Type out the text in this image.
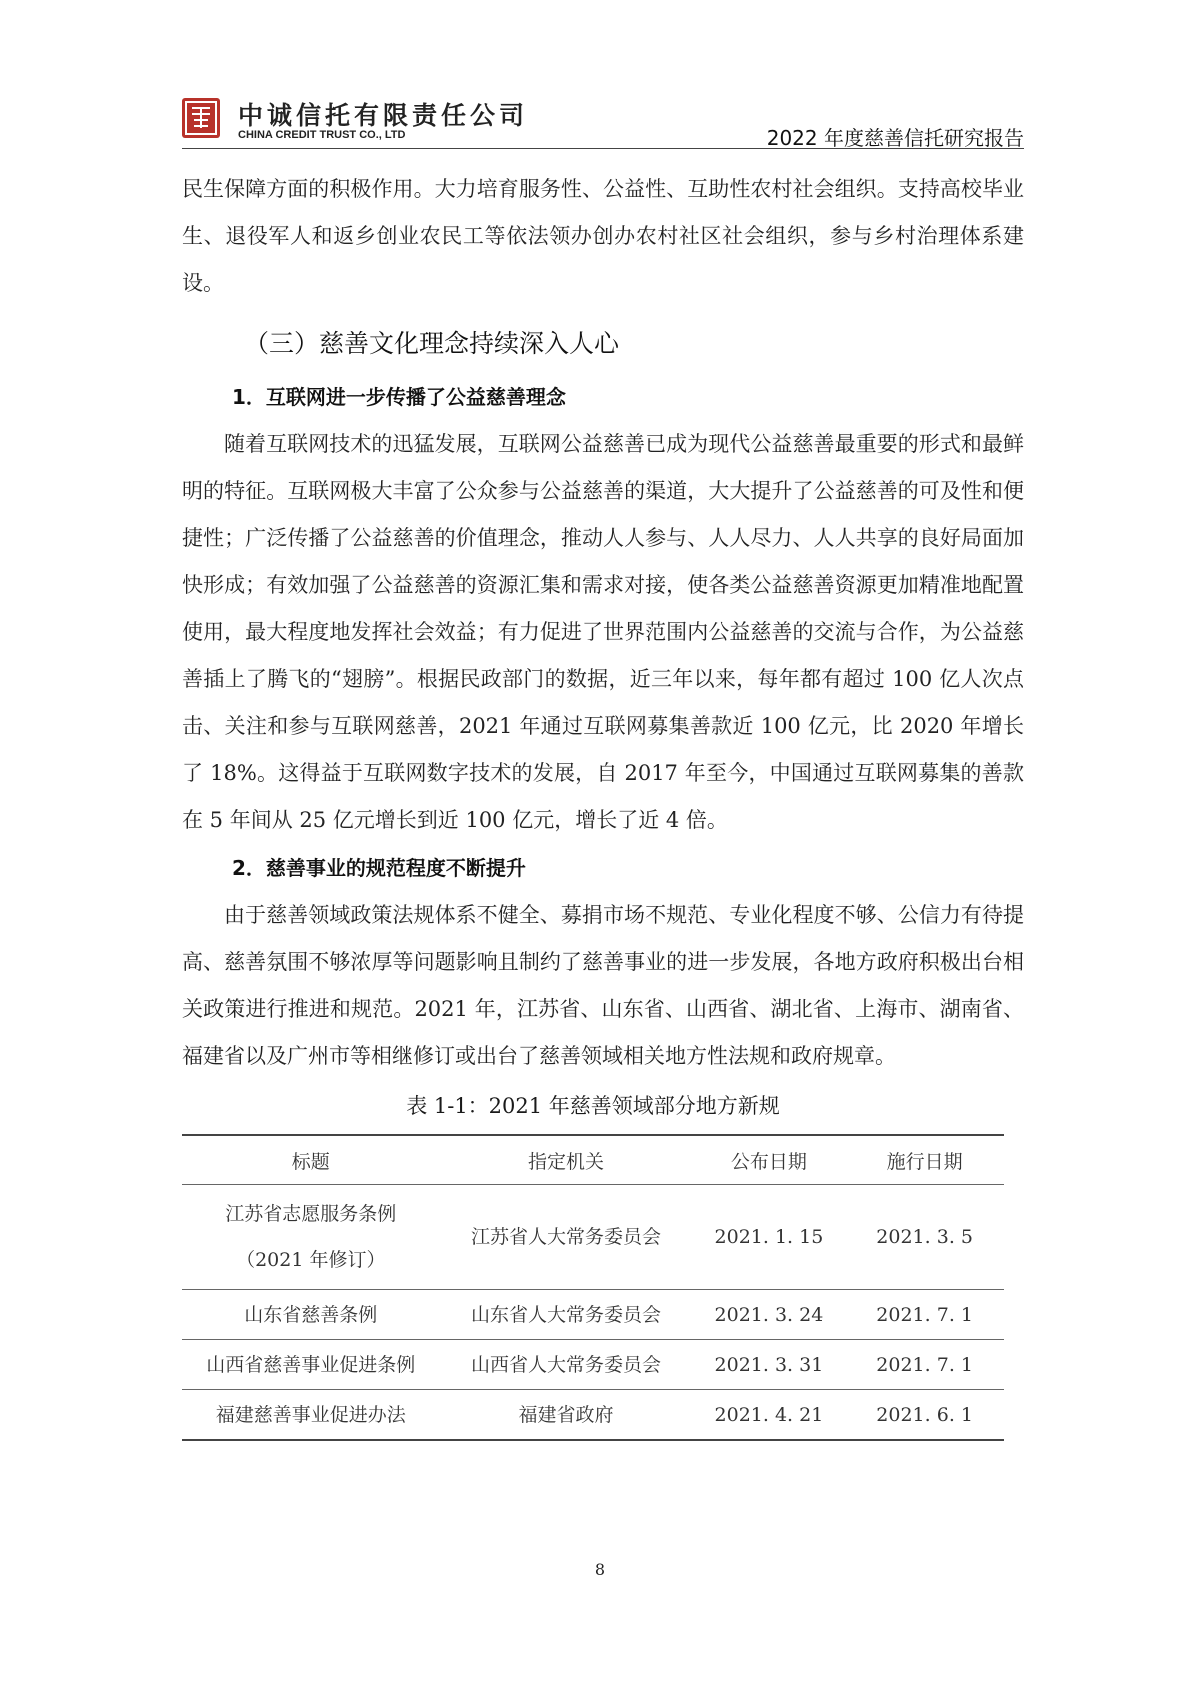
中诚信托有限责任公司
CHINA CREDIT TRUST CO., LTD	2022 年度慈善信托研究报告

民生保障方面的积极作用。大力培育服务性、公益性、互助性农村社会组织。支持高校毕业生、退役军人和返乡创业农民工等依法领办创办农村社区社会组织，参与乡村治理体系建设。

（三）慈善文化理念持续深入人心
1．互联网进一步传播了公益慈善理念

随着互联网技术的迅猛发展，互联网公益慈善已成为现代公益慈善最重要的形式和最鲜明的特征。互联网极大丰富了公众参与公益慈善的渠道，大大提升了公益慈善的可及性和便捷性；广泛传播了公益慈善的价值理念，推动人人参与、人人尽力、人人共享的良好局面加快形成；有效加强了公益慈善的资源汇集和需求对接，使各类公益慈善资源更加精准地配置使用，最大程度地发挥社会效益；有力促进了世界范围内公益慈善的交流与合作，为公益慈善插上了腾飞的“翅膀”。根据民政部门的数据，近三年以来，每年都有超过 100 亿人次点击、关注和参与互联网慈善，2021 年通过互联网募集善款近 100 亿元，比 2020 年增长了 18%。这得益于互联网数字技术的发展，自 2017 年至今，中国通过互联网募集的善款在 5 年间从 25 亿元增长到近 100 亿元，增长了近 4 倍。

2．慈善事业的规范程度不断提升

由于慈善领域政策法规体系不健全、募捐市场不规范、专业化程度不够、公信力有待提高、慈善氛围不够浓厚等问题影响且制约了慈善事业的进一步发展，各地方政府积极出台相关政策进行推进和规范。2021 年，江苏省、山东省、山西省、湖北省、上海市、湖南省、福建省以及广州市等相继修订或出台了慈善领域相关地方性法规和政府规章。

表 1-1：2021 年慈善领域部分地方新规
标题	指定机关	公布日期	施行日期

江苏省志愿服务条例
（2021 年修订）	江苏省人大常务委员会	2021. 1. 15	2021. 3. 5
山东省慈善条例	山东省人大常务委员会	2021. 3. 24	2021. 7. 1
山西省慈善事业促进条例	山西省人大常务委员会	2021. 3. 31	2021. 7. 1
福建慈善事业促进办法	福建省政府	2021. 4. 21	2021. 6. 1
8
